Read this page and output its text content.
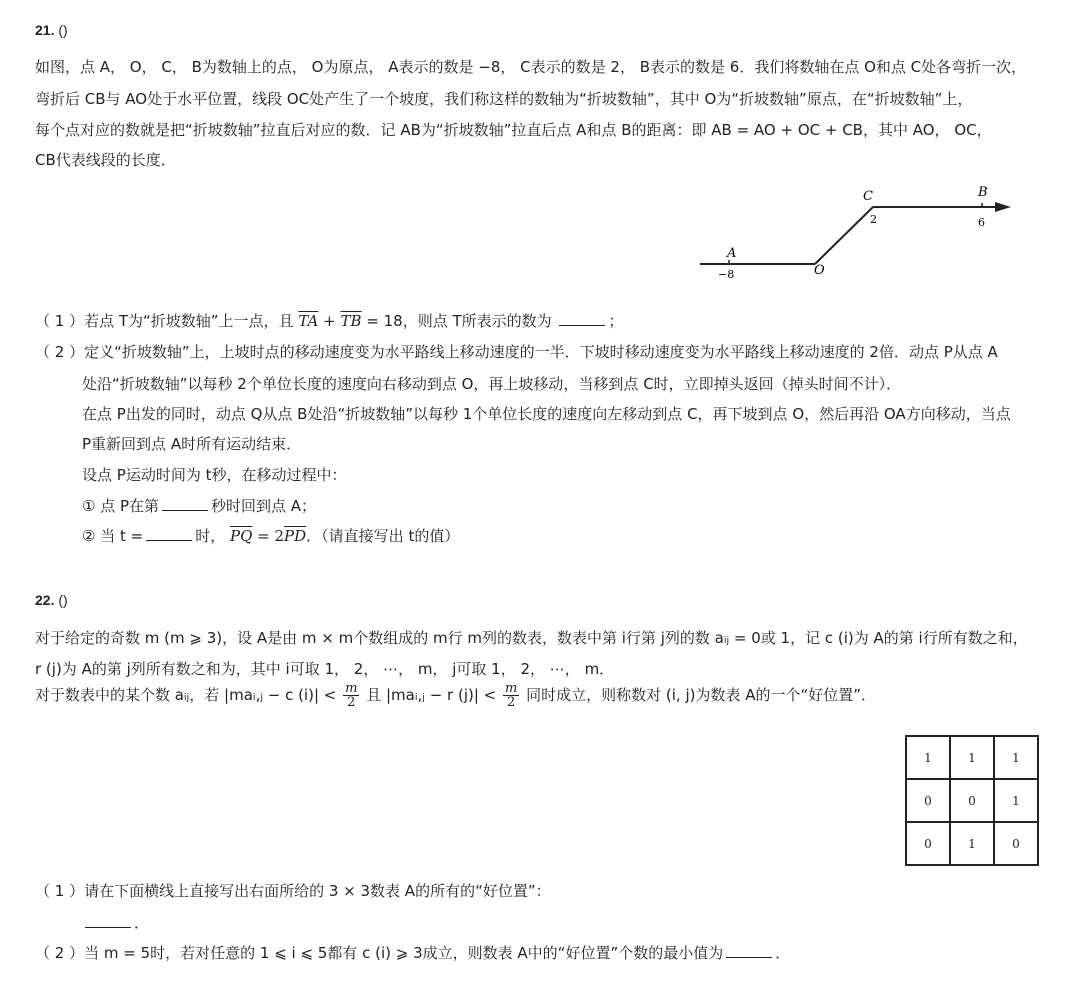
21. ()
如图，点 A， O， C， B为数轴上的点， O为原点， A表示的数是 −8， C表示的数是 2， B表示的数是 6．我们将数轴在点 O和点 C处各弯折一次，
弯折后 CB与 AO处于水平位置，线段 OC处产生了一个坡度，我们称这样的数轴为“折坡数轴”，其中 O为“折坡数轴”原点，在“折坡数轴”上，
每个点对应的数就是把“折坡数轴”拉直后对应的数．记 AB为“折坡数轴”拉直后点 A和点 B的距离：即 AB = AO + OC + CB，其中 AO， OC，
CB代表线段的长度．
A
−8	O
C
2
B
6
（ 1 ）若点 T为“折坡数轴”上一点，且 $\overline{TA} + \overline{TB} = 18$，则点 T所表示的数为	；
（ 2 ）定义“折坡数轴”上，上坡时点的移动速度变为水平路线上移动速度的一半．下坡时移动速度变为水平路线上移动速度的 2倍．动点 P从点 A
处沿“折坡数轴”以每秒 2个单位长度的速度向右移动到点 O，再上坡移动，当移到点 C时，立即掉头返回（掉头时间不计）．
在点 P出发的同时，动点 Q从点 B处沿“折坡数轴”以每秒 1个单位长度的速度向左移动到点 C，再下坡到点 O，然后再沿 OA方向移动，当点
P重新回到点 A时所有运动结束．
设点 P运动时间为 t秒，在移动过程中：
① 点 P在第	秒时回到点 A；
② 当 t =	时， $\overline{PQ} = 2\overline{PD}$．（请直接写出 t的值）
22. ()
对于给定的奇数 m (m ⩾ 3)，设 A是由 m × m个数组成的 m行 m列的数表，数表中第 i行第 j列的数 aᵢⱼ = 0或 1，记 c (i)为 A的第 i行所有数之和，
r (j)为 A的第 j列所有数之和为，其中 i可取 1， 2， ⋯， m， j可取 1， 2， ⋯， m．
对于数表中的某个数 aᵢⱼ，若 |maᵢ,ⱼ − c $(i)| < \frac{m}{2}$ 且 |maᵢ,ⱼ − r $(j)| < \frac{m}{2}$ 同时成立，则称数对 (i, j)为数表 A的一个“好位置”．
1	1	1
0	0	1
0	1	0
（ 1 ）请在下面横线上直接写出右面所给的 3 × 3数表 A的所有的“好位置”：
．
（ 2 ）当 m = 5时，若对任意的 1 ⩽ i ⩽ 5都有 c (i) ⩾ 3成立，则数表 A中的“好位置”个数的最小值为	．
